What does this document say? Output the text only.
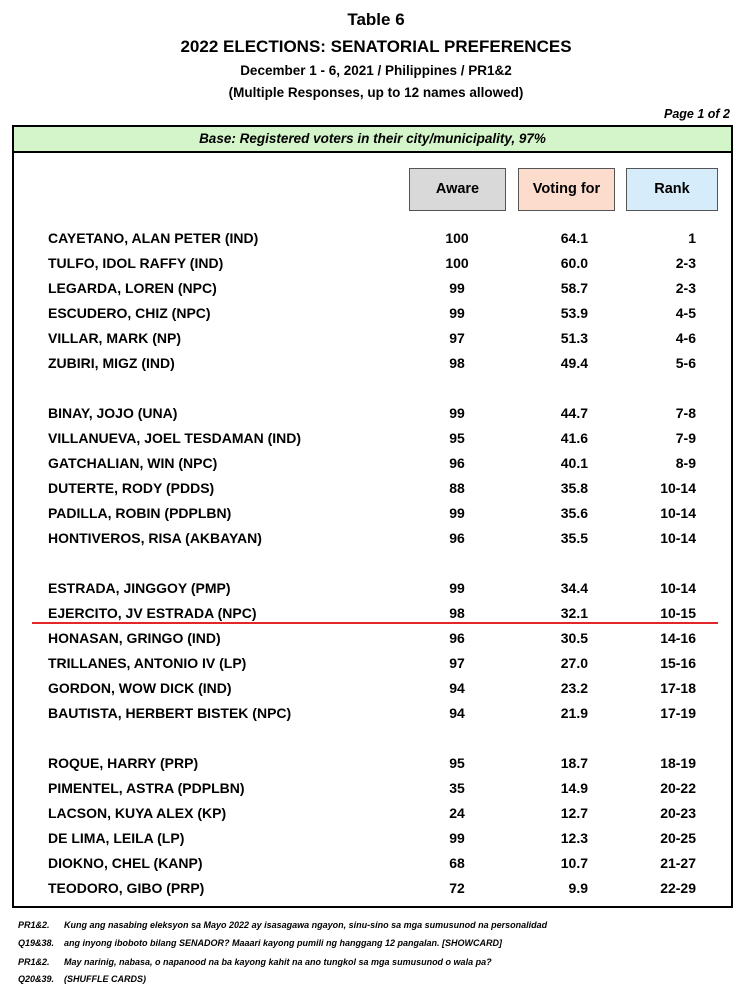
Table 6
2022 ELECTIONS: SENATORIAL PREFERENCES
December 1 - 6, 2021 / Philippines / PR1&2
(Multiple Responses, up to 12 names allowed)
Page 1 of 2
Base: Registered voters in their city/municipality, 97%
Aware	Voting for	Rank
CAYETANO, ALAN PETER (IND)	100	64.1	1
TULFO, IDOL RAFFY (IND)	100	60.0	2-3
LEGARDA, LOREN (NPC)	99	58.7	2-3
ESCUDERO, CHIZ (NPC)	99	53.9	4-5
VILLAR, MARK (NP)	97	51.3	4-6
ZUBIRI, MIGZ (IND)	98	49.4	5-6
BINAY, JOJO (UNA)	99	44.7	7-8
VILLANUEVA, JOEL TESDAMAN (IND)	95	41.6	7-9
GATCHALIAN, WIN (NPC)	96	40.1	8-9
DUTERTE, RODY (PDDS)	88	35.8	10-14
PADILLA, ROBIN (PDPLBN)	99	35.6	10-14
HONTIVEROS, RISA (AKBAYAN)	96	35.5	10-14
ESTRADA, JINGGOY (PMP)	99	34.4	10-14
EJERCITO, JV ESTRADA (NPC)	98	32.1	10-15
HONASAN, GRINGO (IND)	96	30.5	14-16
TRILLANES, ANTONIO IV (LP)	97	27.0	15-16
GORDON, WOW DICK (IND)	94	23.2	17-18
BAUTISTA, HERBERT BISTEK (NPC)	94	21.9	17-19
ROQUE, HARRY (PRP)	95	18.7	18-19
PIMENTEL, ASTRA (PDPLBN)	35	14.9	20-22
LACSON, KUYA ALEX (KP)	24	12.7	20-23
DE LIMA, LEILA (LP)	99	12.3	20-25
DIOKNO, CHEL (KANP)	68	10.7	21-27
TEODORO, GIBO (PRP)	72	9.9	22-29
PR1&2. Kung ang nasabing eleksyon sa Mayo 2022 ay isasagawa ngayon, sinu-sino sa mga sumusunod na personalidad
Q19&38. ang inyong iboboto bilang SENADOR? Maaari kayong pumili ng hanggang 12 pangalan. [SHOWCARD]
PR1&2. May narinig, nabasa, o napanood na ba kayong kahit na ano tungkol sa mga sumusunod o wala pa?
Q20&39. (SHUFFLE CARDS)
